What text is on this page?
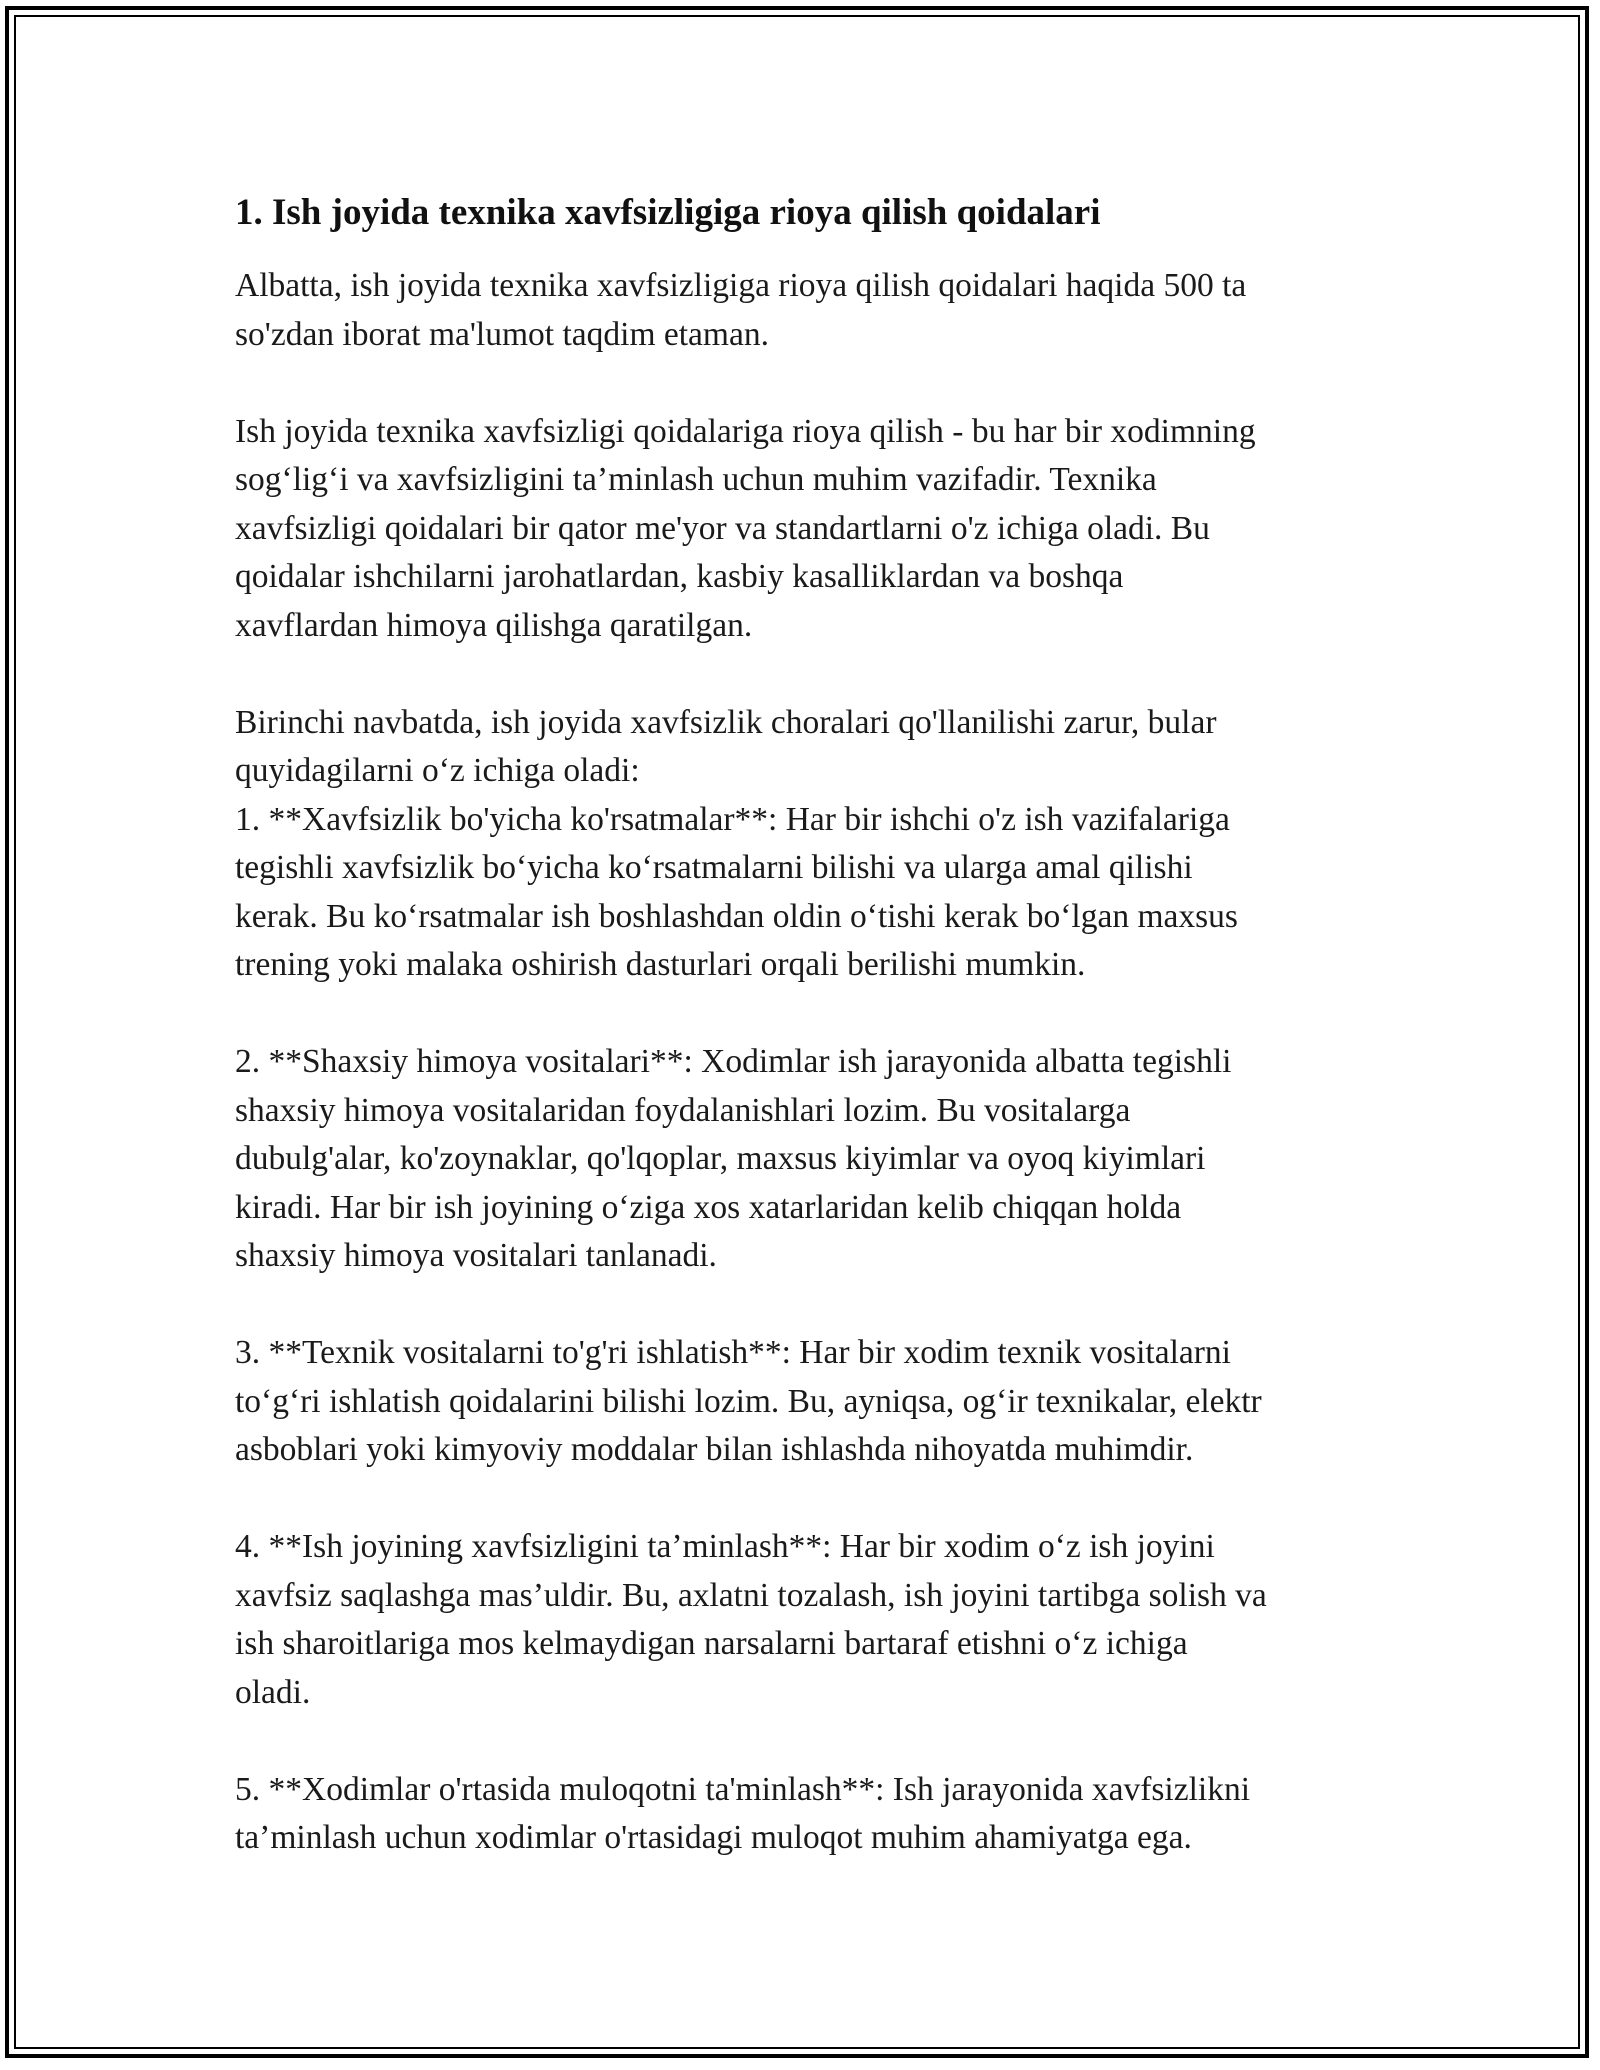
1. Ish joyida texnika xavfsizligiga rioya qilish qoidalari

Albatta, ish joyida texnika xavfsizligiga rioya qilish qoidalari haqida 500 ta
so'zdan iborat ma'lumot taqdim etaman.

Ish joyida texnika xavfsizligi qoidalariga rioya qilish - bu har bir xodimning
sog‘lig‘i va xavfsizligini ta’minlash uchun muhim vazifadir. Texnika
xavfsizligi qoidalari bir qator me'yor va standartlarni o'z ichiga oladi. Bu
qoidalar ishchilarni jarohatlardan, kasbiy kasalliklardan va boshqa
xavflardan himoya qilishga qaratilgan.

Birinchi navbatda, ish joyida xavfsizlik choralari qo'llanilishi zarur, bular
quyidagilarni o‘z ichiga oladi:
1. **Xavfsizlik bo'yicha ko'rsatmalar**: Har bir ishchi o'z ish vazifalariga
tegishli xavfsizlik bo‘yicha ko‘rsatmalarni bilishi va ularga amal qilishi
kerak. Bu ko‘rsatmalar ish boshlashdan oldin o‘tishi kerak bo‘lgan maxsus
trening yoki malaka oshirish dasturlari orqali berilishi mumkin.

2. **Shaxsiy himoya vositalari**: Xodimlar ish jarayonida albatta tegishli
shaxsiy himoya vositalaridan foydalanishlari lozim. Bu vositalarga
dubulg'alar, ko'zoynaklar, qo'lqoplar, maxsus kiyimlar va oyoq kiyimlari
kiradi. Har bir ish joyining o‘ziga xos xatarlaridan kelib chiqqan holda
shaxsiy himoya vositalari tanlanadi.

3. **Texnik vositalarni to'g'ri ishlatish**: Har bir xodim texnik vositalarni
to‘g‘ri ishlatish qoidalarini bilishi lozim. Bu, ayniqsa, og‘ir texnikalar, elektr
asboblari yoki kimyoviy moddalar bilan ishlashda nihoyatda muhimdir.

4. **Ish joyining xavfsizligini ta’minlash**: Har bir xodim o‘z ish joyini
xavfsiz saqlashga mas’uldir. Bu, axlatni tozalash, ish joyini tartibga solish va
ish sharoitlariga mos kelmaydigan narsalarni bartaraf etishni o‘z ichiga
oladi.

5. **Xodimlar o'rtasida muloqotni ta'minlash**: Ish jarayonida xavfsizlikni
ta’minlash uchun xodimlar o'rtasidagi muloqot muhim ahamiyatga ega.
